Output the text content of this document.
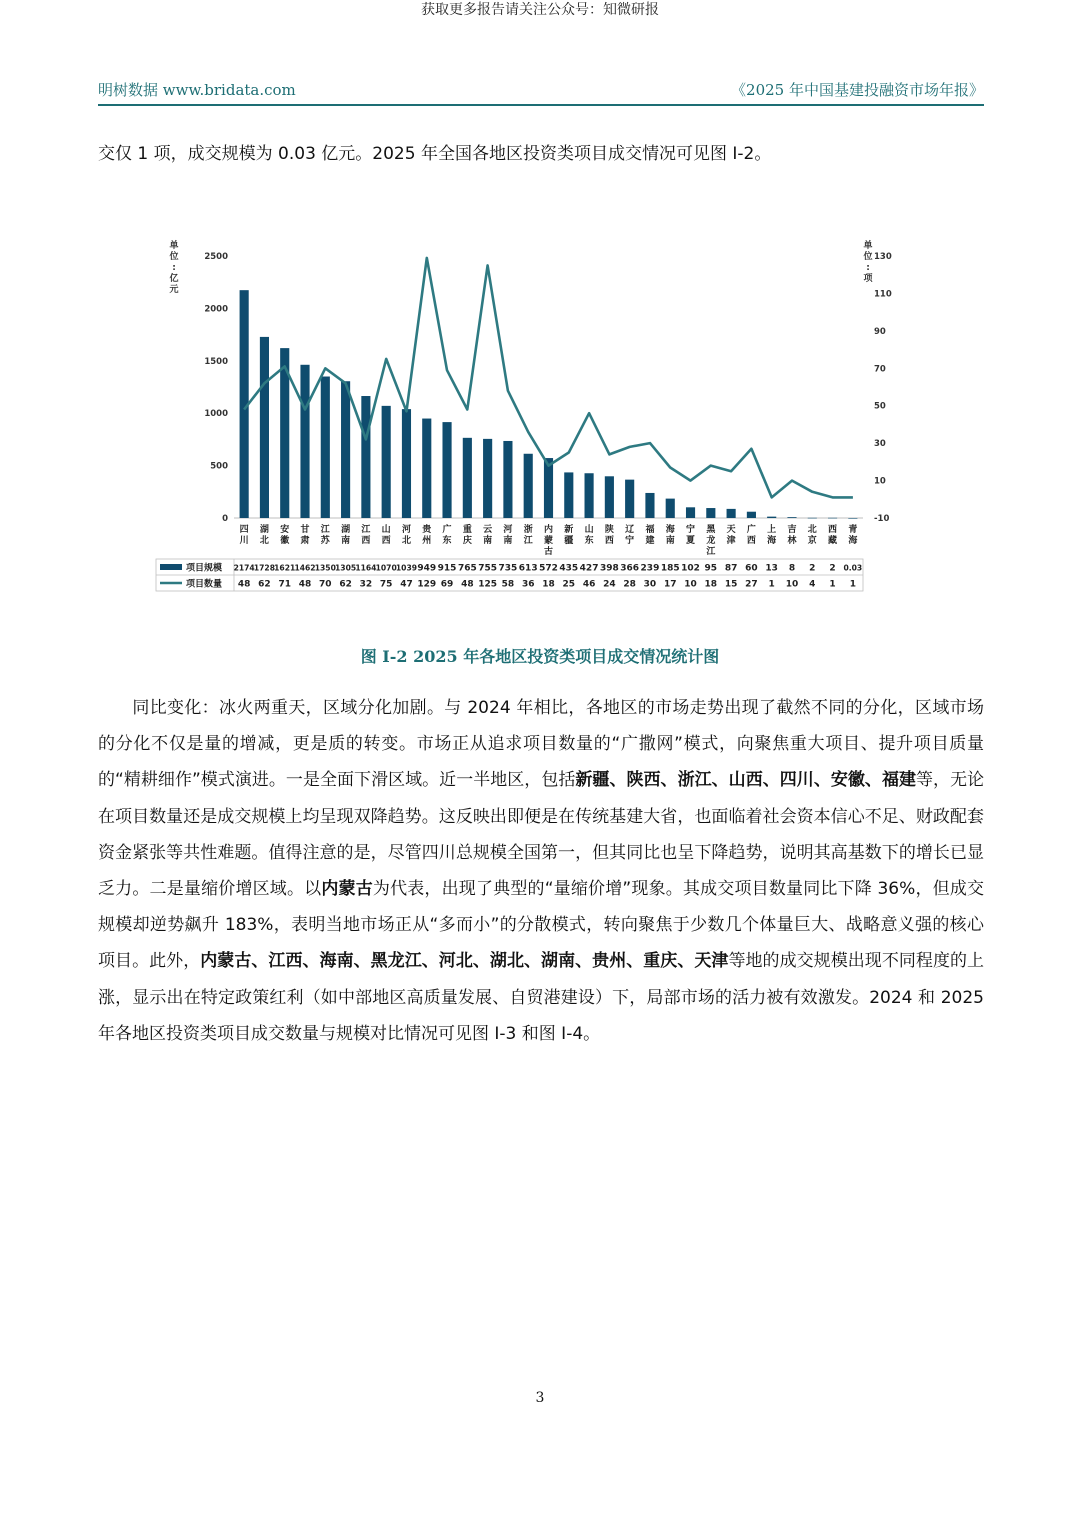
获取更多报告请关注公众号：知微研报
明树数据 www.bridata.com	《2025 年中国基建投融资市场年报》
交仅 1 项，成交规模为 0.03 亿元。2025 年全国各地区投资类项目成交情况可见图 I-2。
单
位
:
亿
元
单
位
:
项
0
500
1000
1500
2000
2500
-10
10
30
50
70
90
110
130
四
川
湖
北
安
徽
甘
肃
江
苏
湖
南
江
西
山
西
河
北
贵
州
广
东
重
庆
云
南
河
南
浙
江
内
蒙
古
新
疆
山
东
陕
西
辽
宁
福
建
海
南
宁
夏
黑
龙
江
天
津
广
西
上
海
吉
林
北
京
西
藏
青
海
项目规模
项目数量
2174 1728 1621 1462 1350 1305 1164 1070 1039 949 915 765 755 735 613 572 435 427 398 366 239 185 102 95 87 60 13 8 2 2 0.03
48 62 71 48 70 62 32 75 47 129 69 48 125 58 36 18 25 46 24 28 30 17 10 18 15 27 1 10 4 1 1
图 I-2 2025 年各地区投资类项目成交情况统计图
同比变化：冰火两重天，区域分化加剧。与 2024 年相比，各地区的市场走势出现了截然不同的分化，区域市场的分化不仅是量的增减，更是质的转变。市场正从追求项目数量的“广撒网”模式，向聚焦重大项目、提升项目质量的“精耕细作”模式演进。一是全面下滑区域。近一半地区，包括新疆、陕西、浙江、山西、四川、安徽、福建等，无论在项目数量还是成交规模上均呈现双降趋势。这反映出即便是在传统基建大省，也面临着社会资本信心不足、财政配套资金紧张等共性难题。值得注意的是，尽管四川总规模全国第一，但其同比也呈下降趋势，说明其高基数下的增长已显乏力。二是量缩价增区域。以内蒙古为代表，出现了典型的“量缩价增”现象。其成交项目数量同比下降 36%，但成交规模却逆势飙升 183%，表明当地市场正从“多而小”的分散模式，转向聚焦于少数几个体量巨大、战略意义强的核心项目。此外，内蒙古、江西、海南、黑龙江、河北、湖北、湖南、贵州、重庆、天津等地的成交规模出现不同程度的上涨，显示出在特定政策红利（如中部地区高质量发展、自贸港建设）下，局部市场的活力被有效激发。2024 和 2025 年各地区投资类项目成交数量与规模对比情况可见图 I-3 和图 I-4。
3
